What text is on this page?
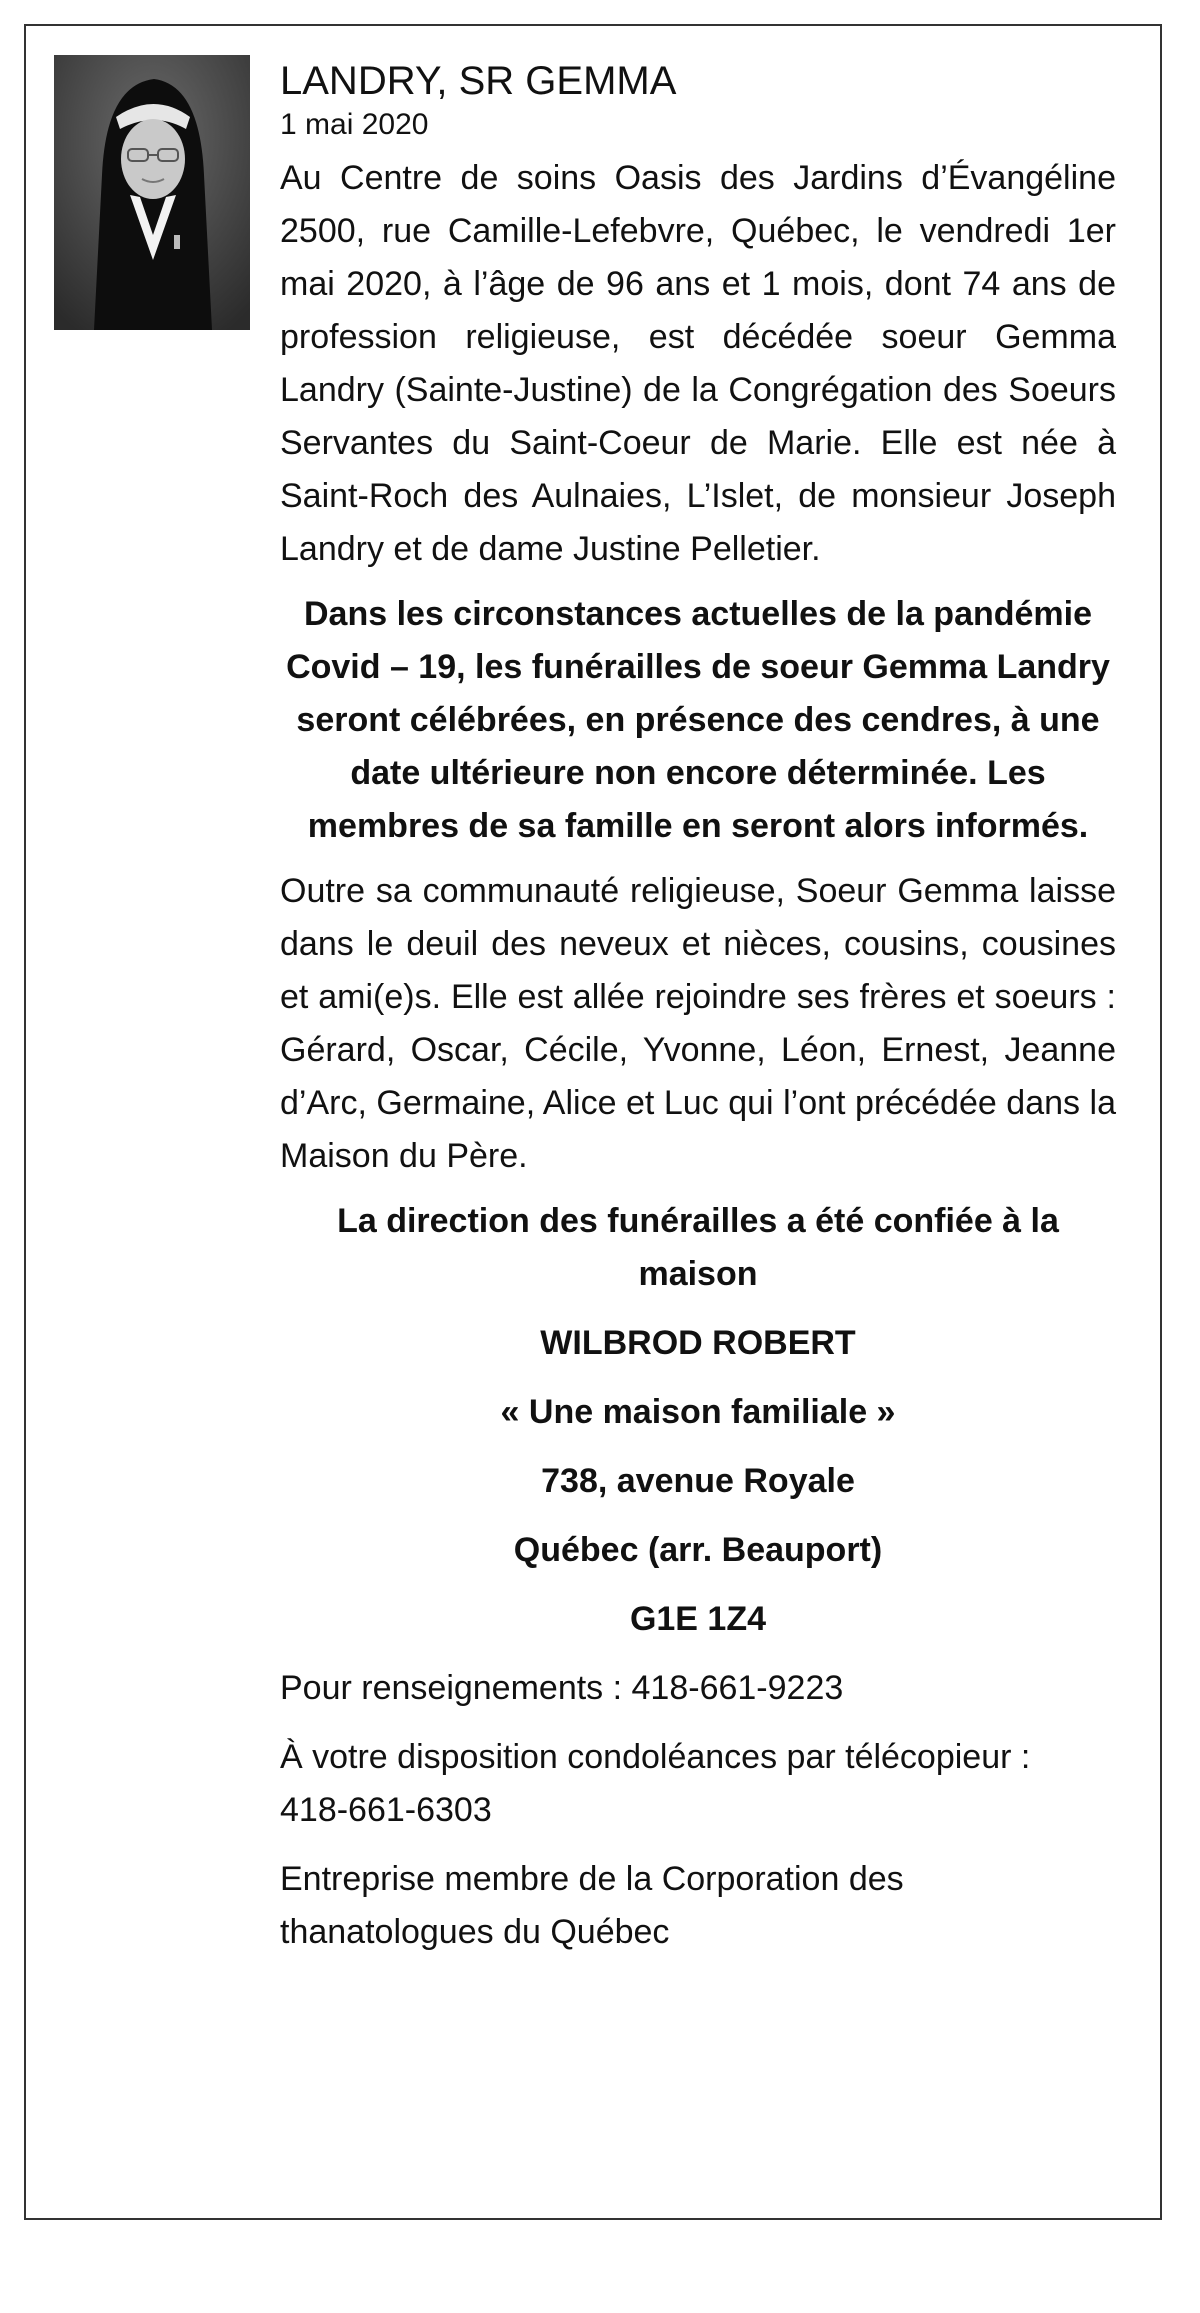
LANDRY, SR GEMMA

1 mai 2020

Au Centre de soins Oasis des Jardins d’Évangéline 2500, rue Camille-Lefebvre, Québec, le vendredi 1er mai 2020, à l’âge de 96 ans et 1 mois, dont 74 ans de profession religieuse, est décédée soeur Gemma Landry (Sainte-Justine) de la Congrégation des Soeurs Servantes du Saint-Coeur de Marie. Elle est née à Saint-Roch des Aulnaies, L’Islet, de monsieur Joseph Landry et de dame Justine Pelletier.

Dans les circonstances actuelles de la pandémie Covid – 19, les funérailles de soeur Gemma Landry seront célébrées, en présence des cendres, à une date ultérieure non encore déterminée. Les membres de sa famille en seront alors informés.

Outre sa communauté religieuse, Soeur Gemma laisse dans le deuil des neveux et nièces, cousins, cousines et ami(e)s. Elle est allée rejoindre ses frères et soeurs : Gérard, Oscar, Cécile, Yvonne, Léon, Ernest, Jeanne d’Arc, Germaine, Alice et Luc qui l’ont précédée dans la Maison du Père.

La direction des funérailles a été confiée à la maison

WILBROD ROBERT

« Une maison familiale »

738, avenue Royale

Québec (arr. Beauport)

G1E 1Z4

Pour renseignements : 418-661-9223

À votre disposition condoléances par télécopieur :

418-661-6303

Entreprise membre de la Corporation des thanatologues du Québec
